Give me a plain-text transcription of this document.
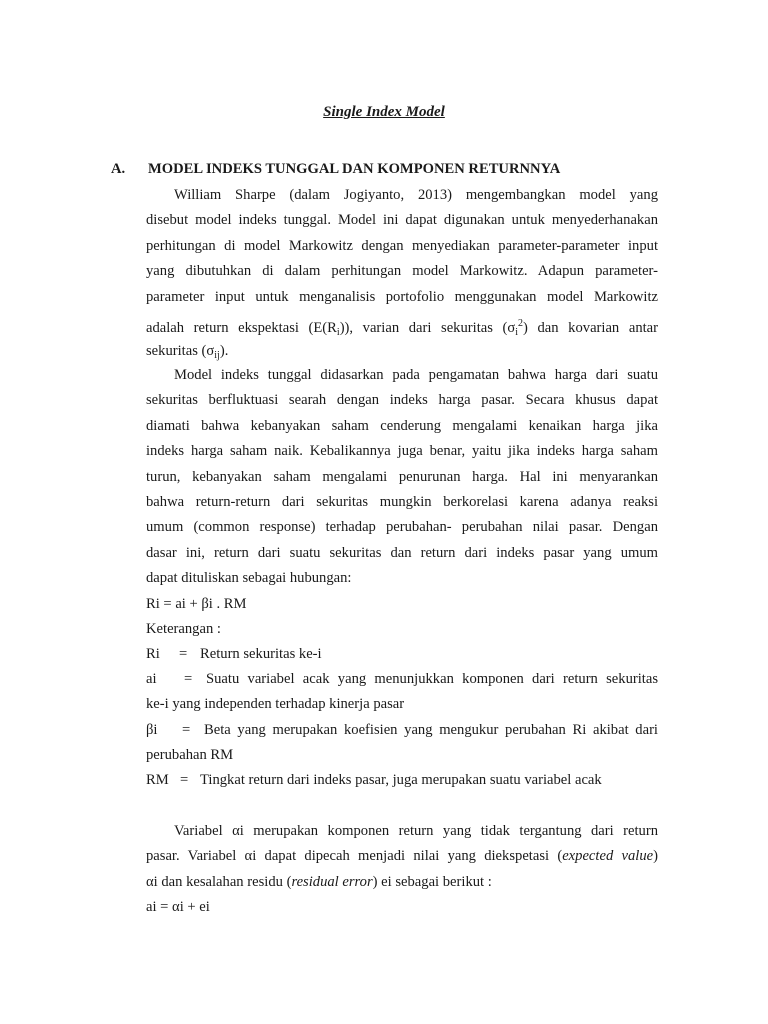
Single Index Model
A. MODEL INDEKS TUNGGAL DAN KOMPONEN RETURNNYA
William Sharpe (dalam Jogiyanto, 2013) mengembangkan model yang
disebut model indeks tunggal. Model ini dapat digunakan untuk menyederhanakan
perhitungan di model Markowitz dengan menyediakan parameter-parameter input
yang dibutuhkan di dalam perhitungan model Markowitz. Adapun parameter-
parameter input untuk menganalisis portofolio menggunakan model Markowitz
adalah return ekspektasi $(E(R_i))$, varian dari sekuritas $(\sigma_i^2)$ dan kovarian antar
sekuritas $(\sigma_{ij})$.
Model indeks tunggal didasarkan pada pengamatan bahwa harga dari suatu
sekuritas berfluktuasi searah dengan indeks harga pasar. Secara khusus dapat
diamati bahwa kebanyakan saham cenderung mengalami kenaikan harga jika
indeks harga saham naik. Kebalikannya juga benar, yaitu jika indeks harga saham
turun, kebanyakan saham mengalami penurunan harga. Hal ini menyarankan
bahwa return-return dari sekuritas mungkin berkorelasi karena adanya reaksi
umum (common response) terhadap perubahan- perubahan nilai pasar. Dengan
dasar ini, return dari suatu sekuritas dan return dari indeks pasar yang umum
dapat dituliskan sebagai hubungan:
Ri = ai + βi . RM
Keterangan :
Ri = Return sekuritas ke-i
ai = Suatu variabel acak yang menunjukkan komponen dari return sekuritas
ke-i yang independen terhadap kinerja pasar
βi = Beta yang merupakan koefisien yang mengukur perubahan Ri akibat dari
perubahan RM
RM = Tingkat return dari indeks pasar, juga merupakan suatu variabel acak
Variabel αi merupakan komponen return yang tidak tergantung dari return
pasar. Variabel αi dapat dipecah menjadi nilai yang diekspetasi (expected value)
αi dan kesalahan residu (residual error) ei sebagai berikut :
ai = αi + ei
